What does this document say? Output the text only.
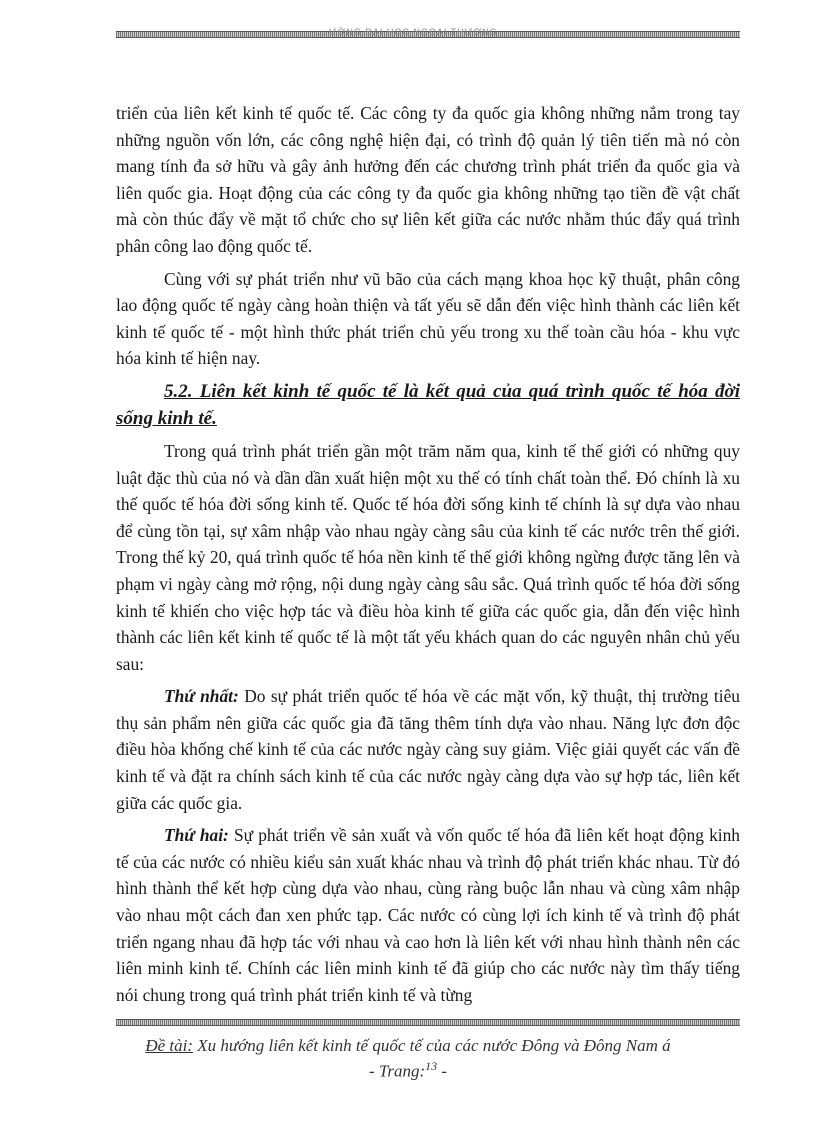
...ƯỜNG ĐẠI HỌC NGOẠI THƯƠNG

triển của liên kết kinh tế quốc tế. Các công ty đa quốc gia không những nắm trong tay những nguồn vốn lớn, các công nghệ hiện đại, có trình độ quản lý tiên tiến mà nó còn mang tính đa sở hữu và gây ảnh hưởng đến các chương trình phát triển đa quốc gia và liên quốc gia. Hoạt động của các công ty đa quốc gia không những tạo tiền đề vật chất mà còn thúc đẩy về mặt tổ chức cho sự liên kết giữa các nước nhằm thúc đẩy quá trình phân công lao động quốc tế.

Cùng với sự phát triển như vũ bão của cách mạng khoa học kỹ thuật, phân công lao động quốc tế ngày càng hoàn thiện và tất yếu sẽ dẫn đến việc hình thành các liên kết kinh tế quốc tế - một hình thức phát triển chủ yếu trong xu thế toàn cầu hóa - khu vực hóa kinh tế hiện nay.

5.2. Liên kết kinh tế quốc tế là kết quả của quá trình quốc tế hóa đời sống kinh tế.

Trong quá trình phát triển gần một trăm năm qua, kinh tế thế giới có những quy luật đặc thù của nó và dần dần xuất hiện một xu thế có tính chất toàn thể. Đó chính là xu thế quốc tế hóa đời sống kinh tế. Quốc tế hóa đời sống kinh tế chính là sự dựa vào nhau để cùng tồn tại, sự xâm nhập vào nhau ngày càng sâu của kinh tế các nước trên thế giới. Trong thế kỷ 20, quá trình quốc tế hóa nền kinh tế thế giới không ngừng được tăng lên và phạm vi ngày càng mở rộng, nội dung ngày càng sâu sắc. Quá trình quốc tế hóa đời sống kinh tế khiến cho việc hợp tác và điều hòa kinh tế giữa các quốc gia, dẫn đến việc hình thành các liên kết kinh tế quốc tế là một tất yếu khách quan do các nguyên nhân chủ yếu sau:

Thứ nhất: Do sự phát triển quốc tế hóa về các mặt vốn, kỹ thuật, thị trường tiêu thụ sản phẩm nên giữa các quốc gia đã tăng thêm tính dựa vào nhau. Năng lực đơn độc điều hòa khống chế kinh tế của các nước ngày càng suy giảm. Việc giải quyết các vấn đề kinh tế và đặt ra chính sách kinh tế của các nước ngày càng dựa vào sự hợp tác, liên kết giữa các quốc gia.

Thứ hai: Sự phát triển về sản xuất và vốn quốc tế hóa đã liên kết hoạt động kinh tế của các nước có nhiều kiểu sản xuất khác nhau và trình độ phát triển khác nhau. Từ đó hình thành thể kết hợp cùng dựa vào nhau, cùng ràng buộc lẫn nhau và cùng xâm nhập vào nhau một cách đan xen phức tạp. Các nước có cùng lợi ích kinh tế và trình độ phát triển ngang nhau đã hợp tác với nhau và cao hơn là liên kết với nhau hình thành nên các liên minh kinh tế. Chính các liên minh kinh tế đã giúp cho các nước này tìm thấy tiếng nói chung trong quá trình phát triển kinh tế và từng

Đề tài: Xu hướng liên kết kinh tế quốc tế của các nước Đông và Đông Nam á
- Trang:$^{13}$ -
